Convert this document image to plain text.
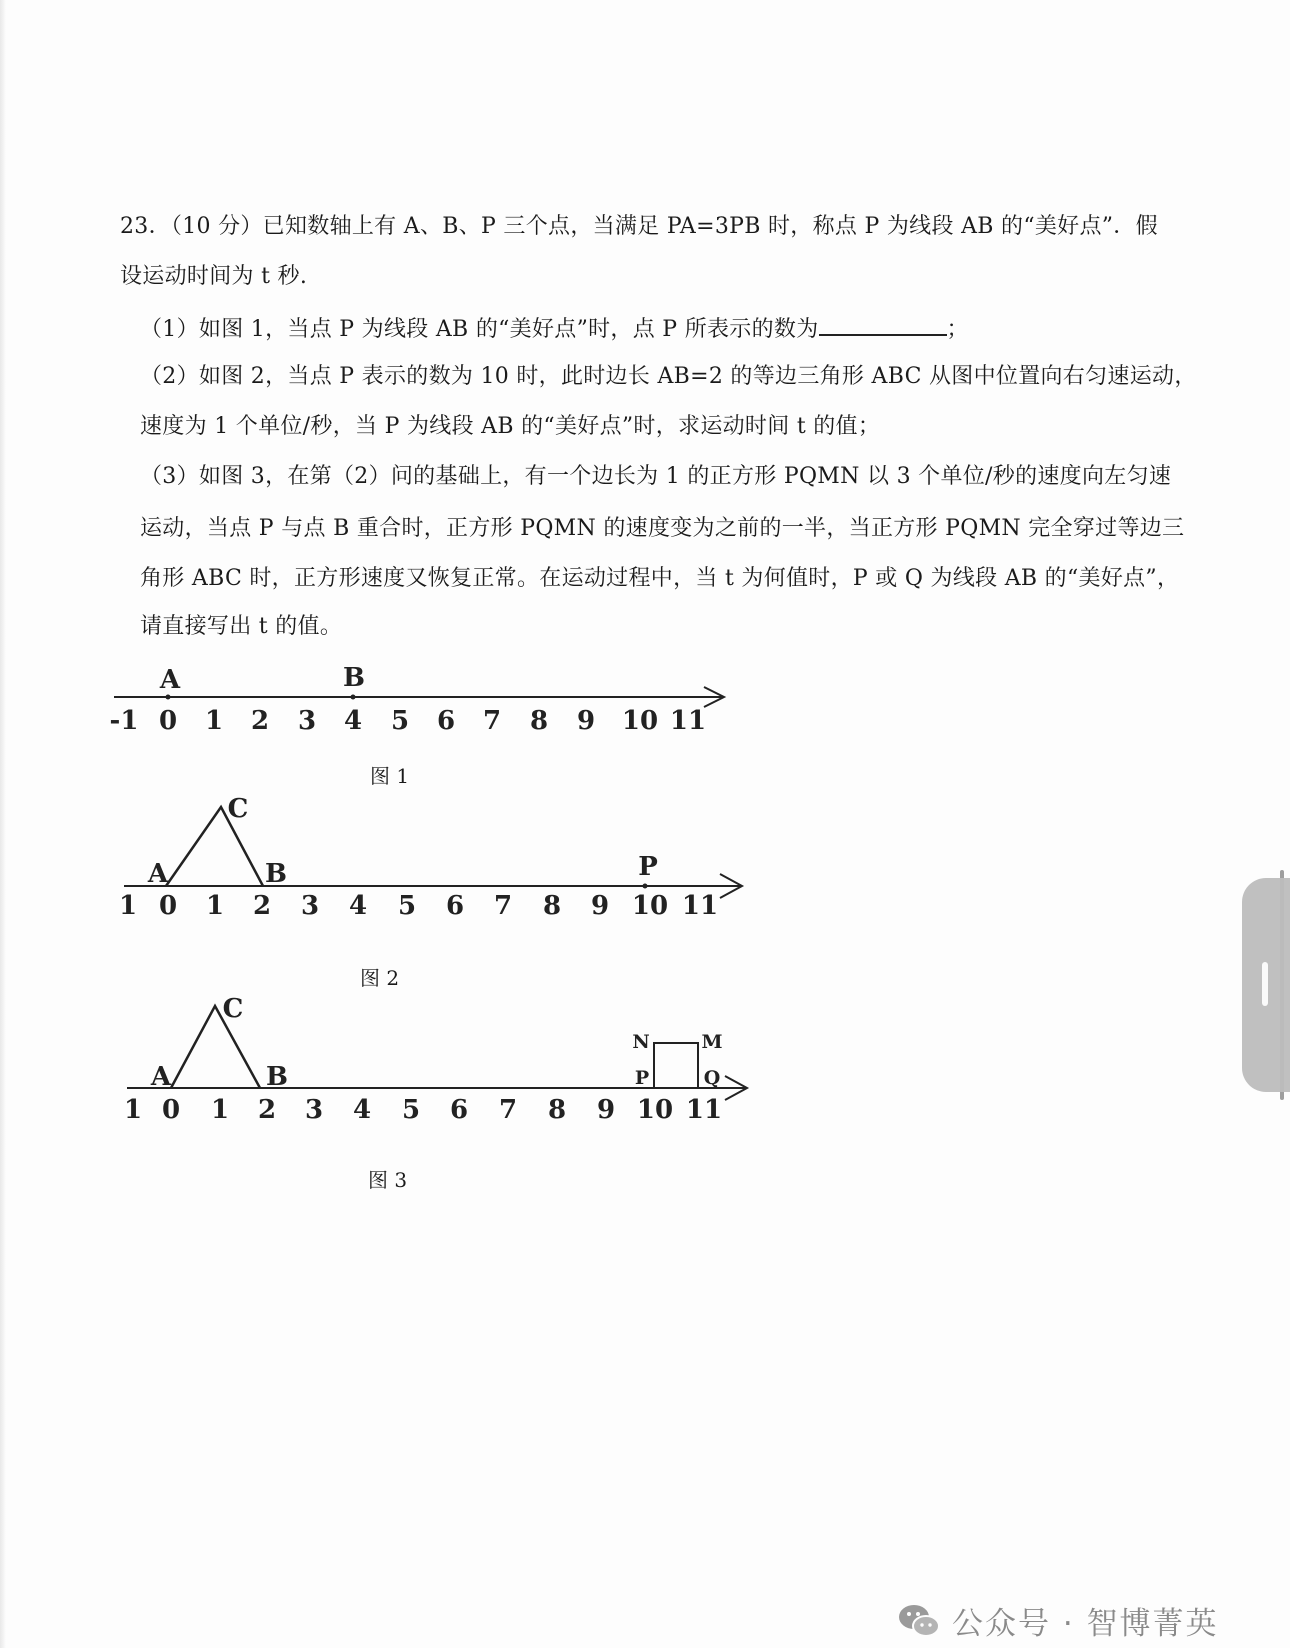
23．（10 分）已知数轴上有 A、B、P 三个点，当满足 PA=3PB 时，称点 P 为线段 AB 的“美好点”．假
设运动时间为 t 秒.
（1）如图 1，当点 P 为线段 AB 的“美好点”时，点 P 所表示的数为	；
（2）如图 2，当点 P 表示的数为 10 时，此时边长 AB=2 的等边三角形 ABC 从图中位置向右匀速运动，
速度为 1 个单位/秒，当 P 为线段 AB 的“美好点”时，求运动时间 t 的值；
（3）如图 3，在第（2）问的基础上，有一个边长为 1 的正方形 PQMN 以 3 个单位/秒的速度向左匀速
运动，当点 P 与点 B 重合时，正方形 PQMN 的速度变为之前的一半，当正方形 PQMN 完全穿过等边三
角形 ABC 时，正方形速度又恢复正常。在运动过程中，当 t 为何值时，P 或 Q 为线段 AB 的“美好点”，
请直接写出 t 的值。
-1 0 1 2 3 4 5 6 7 8 9 10 11
A	B
图 1
1 0 1 2 3 4 5 6 7 8 9 10 11
A	B
C
P
图 2
1 0 1 2 3 4 5 6 7 8 9 10 11
A	B
C
N	M
P	Q
图 3
公众号 · 智博菁英
